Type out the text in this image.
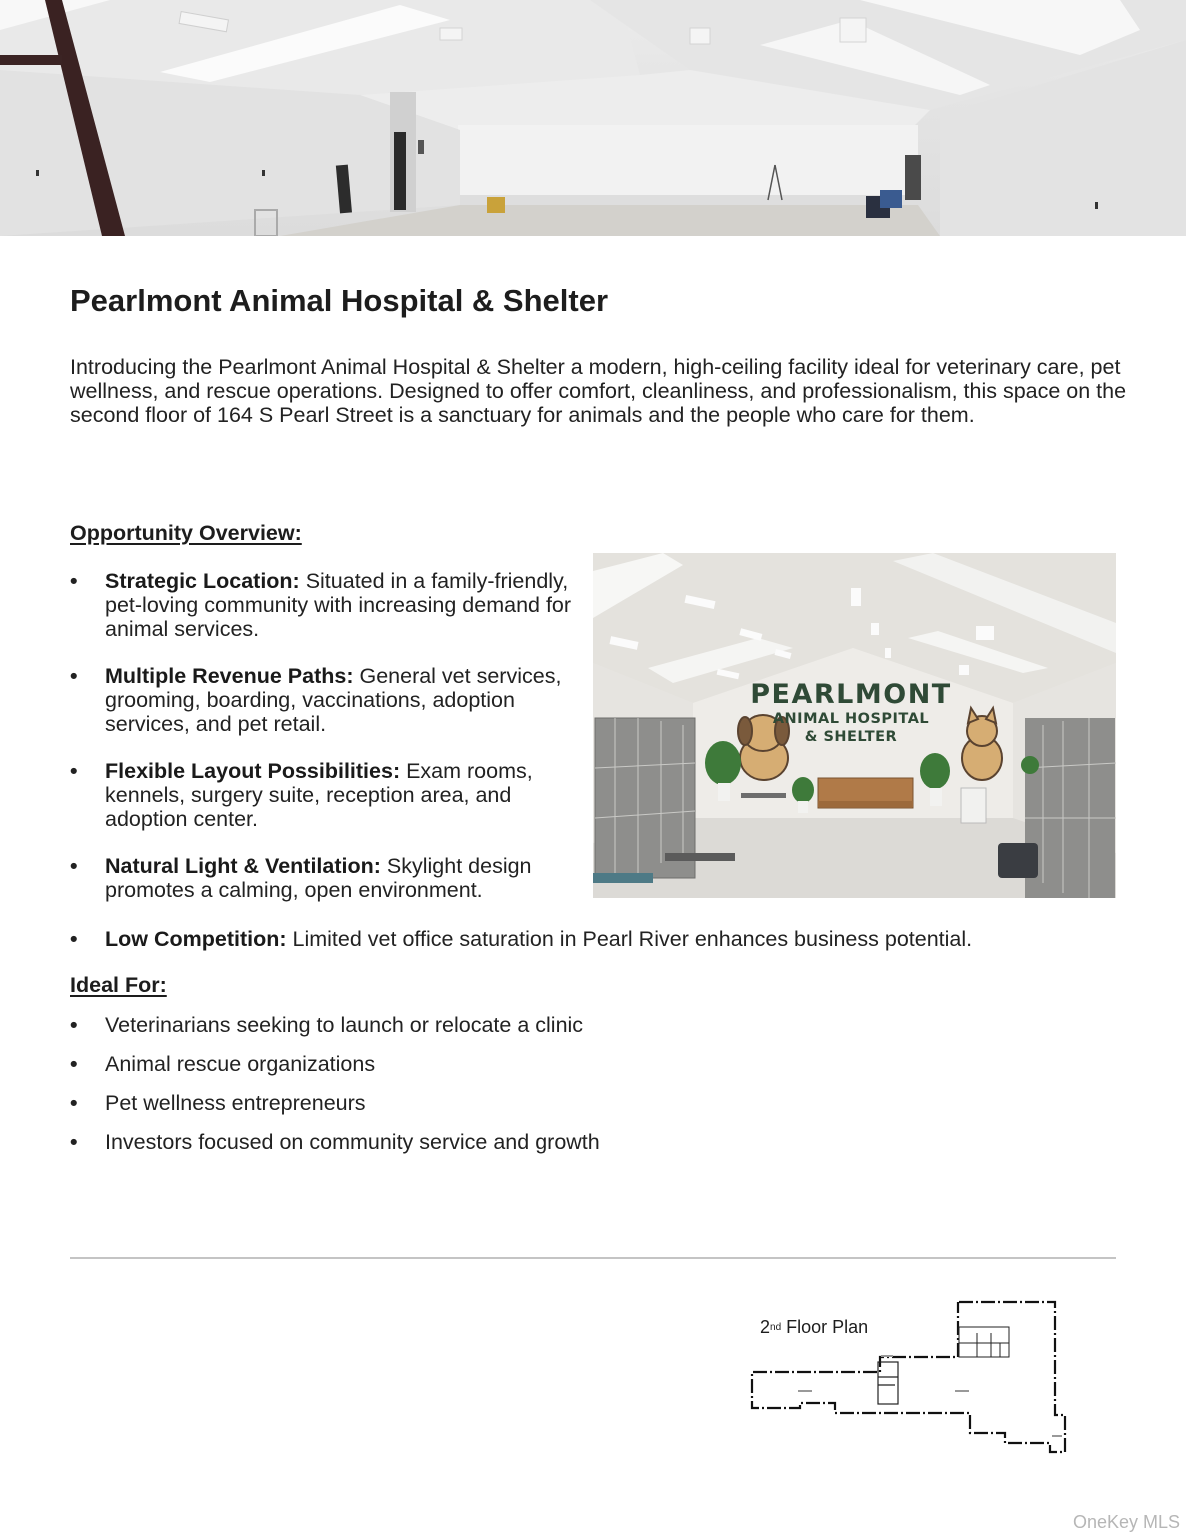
Pearlmont Animal Hospital & Shelter

Introducing the Pearlmont Animal Hospital & Shelter a modern, high-ceiling facility ideal for veterinary care, pet wellness, and rescue operations. Designed to offer comfort, cleanliness, and professionalism, this space on the second floor of 164 S Pearl Street is a sanctuary for animals and the people who care for them.

Opportunity Overview:
•	Strategic Location: Situated in a family-friendly, pet-loving community with increasing demand for animal services.
•	Multiple Revenue Paths: General vet services, grooming, boarding, vaccinations, adoption services, and pet retail.
•	Flexible Layout Possibilities: Exam rooms, kennels, surgery suite, reception area, and adoption center.
•	Natural Light & Ventilation: Skylight design promotes a calming, open environment.
•	Low Competition: Limited vet office saturation in Pearl River enhances business potential.
PEARLMONT
ANIMAL HOSPITAL
& SHELTER
Ideal For:
•	Veterinarians seeking to launch or relocate a clinic
•	Animal rescue organizations
•	Pet wellness entrepreneurs
•	Investors focused on community service and growth
2nd Floor Plan
OneKey MLS
